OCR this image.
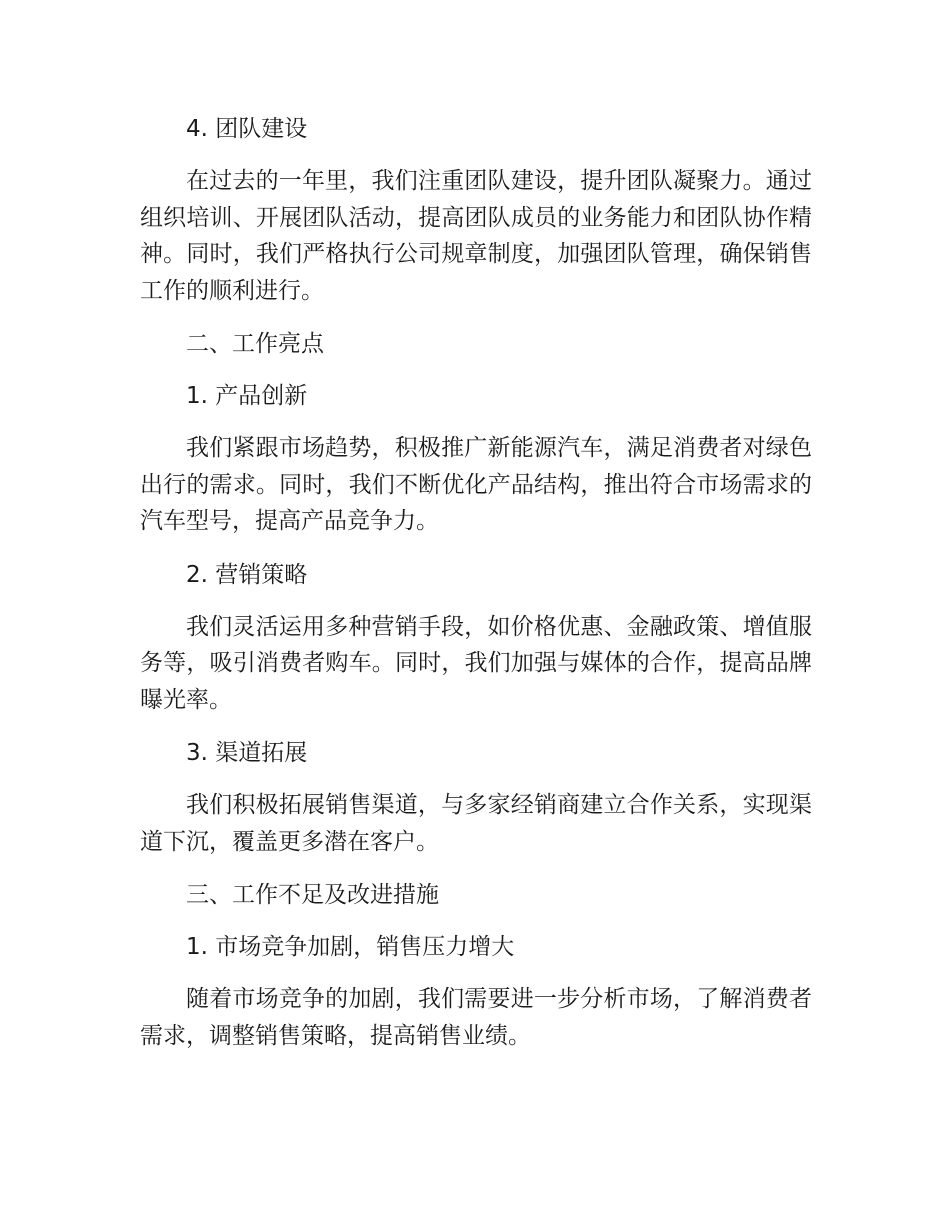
4. 团队建设

在过去的一年里，我们注重团队建设，提升团队凝聚力。通过组织培训、开展团队活动，提高团队成员的业务能力和团队协作精神。同时，我们严格执行公司规章制度，加强团队管理，确保销售工作的顺利进行。

二、工作亮点

1. 产品创新

我们紧跟市场趋势，积极推广新能源汽车，满足消费者对绿色出行的需求。同时，我们不断优化产品结构，推出符合市场需求的汽车型号，提高产品竞争力。

2. 营销策略

我们灵活运用多种营销手段，如价格优惠、金融政策、增值服务等，吸引消费者购车。同时，我们加强与媒体的合作，提高品牌曝光率。

3. 渠道拓展

我们积极拓展销售渠道，与多家经销商建立合作关系，实现渠道下沉，覆盖更多潜在客户。

三、工作不足及改进措施

1. 市场竞争加剧，销售压力增大

随着市场竞争的加剧，我们需要进一步分析市场，了解消费者需求，调整销售策略，提高销售业绩。
